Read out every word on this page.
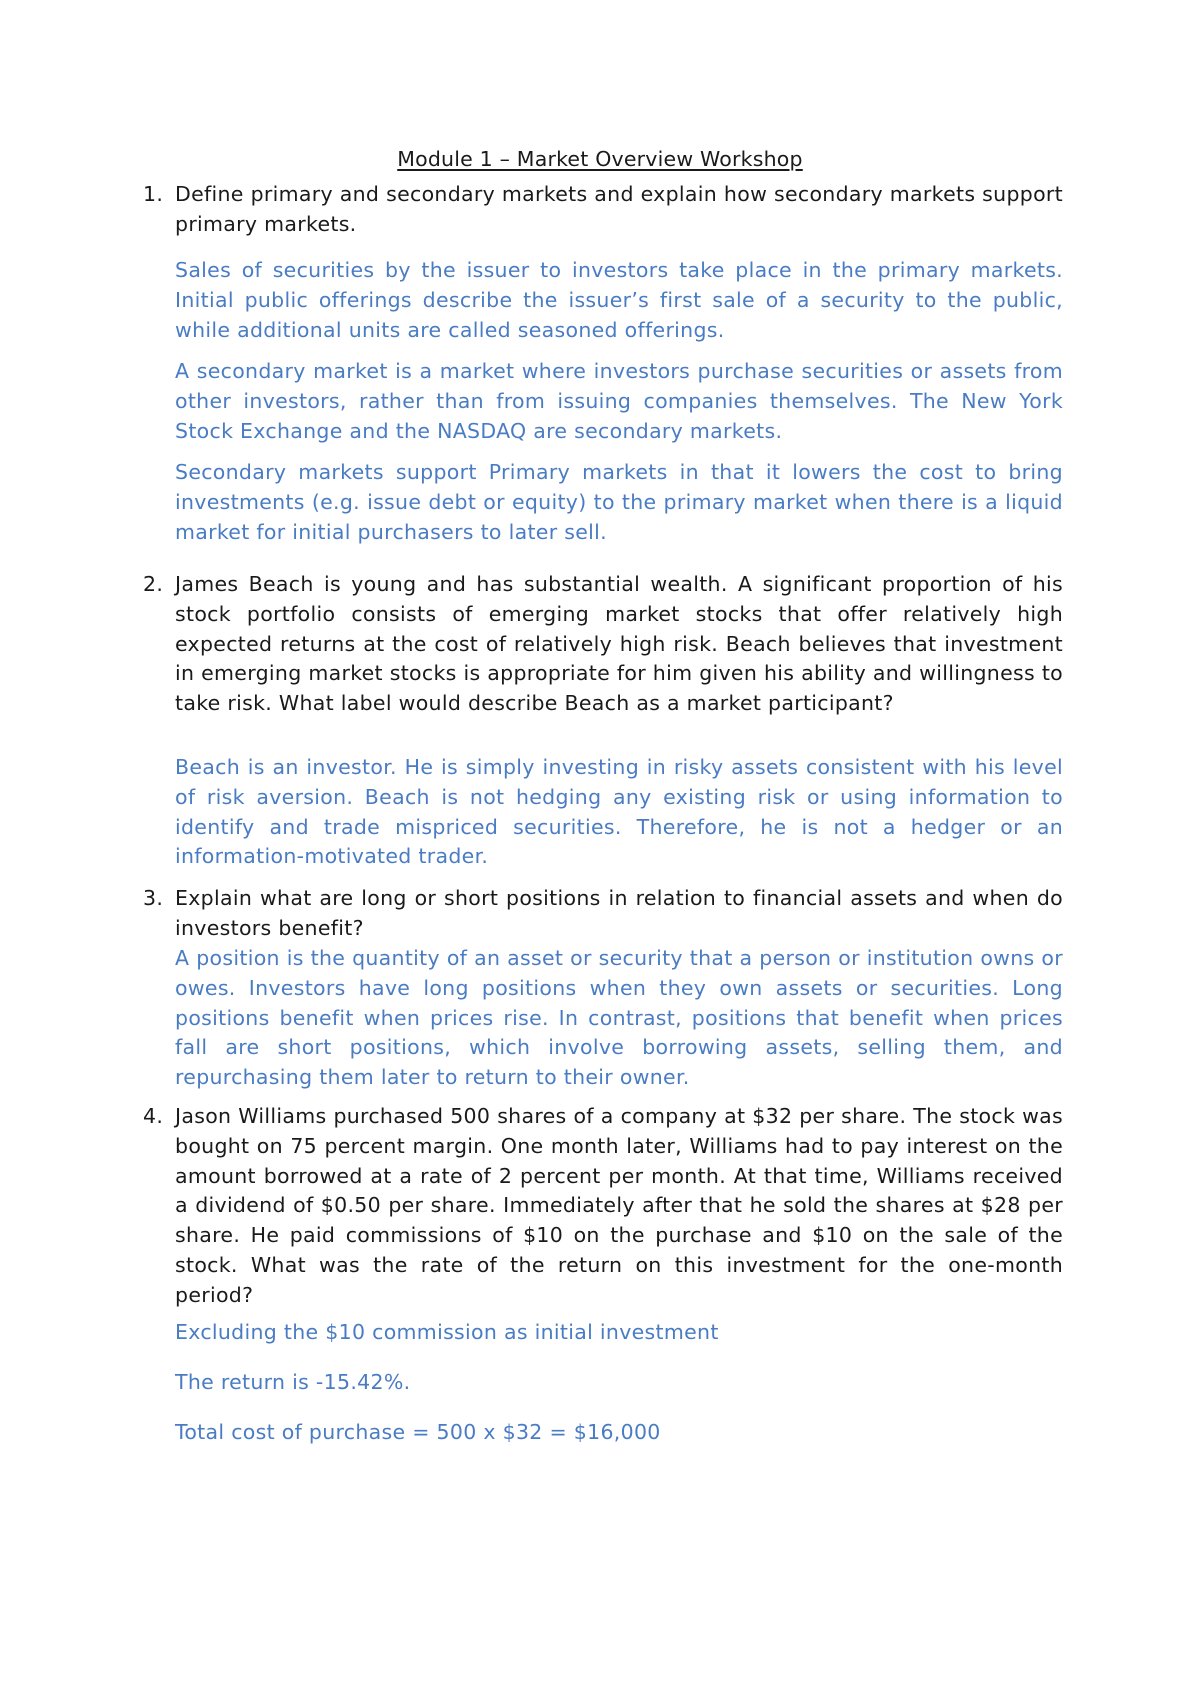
Module 1 – Market Overview Workshop
1. Define primary and secondary markets and explain how secondary markets support primary markets.
Sales of securities by the issuer to investors take place in the primary markets. Initial public offerings describe the issuer’s first sale of a security to the public, while additional units are called seasoned offerings.
A secondary market is a market where investors purchase securities or assets from other investors, rather than from issuing companies themselves. The New York Stock Exchange and the NASDAQ are secondary markets.
Secondary markets support Primary markets in that it lowers the cost to bring investments (e.g. issue debt or equity) to the primary market when there is a liquid market for initial purchasers to later sell.
2. James Beach is young and has substantial wealth. A significant proportion of his stock portfolio consists of emerging market stocks that offer relatively high expected returns at the cost of relatively high risk. Beach believes that investment in emerging market stocks is appropriate for him given his ability and willingness to take risk. What label would describe Beach as a market participant?
Beach is an investor. He is simply investing in risky assets consistent with his level of risk aversion. Beach is not hedging any existing risk or using information to identify and trade mispriced securities. Therefore, he is not a hedger or an information-motivated trader.
3. Explain what are long or short positions in relation to financial assets and when do investors benefit?
A position is the quantity of an asset or security that a person or institution owns or owes. Investors have long positions when they own assets or securities. Long positions benefit when prices rise. In contrast, positions that benefit when prices fall are short positions, which involve borrowing assets, selling them, and repurchasing them later to return to their owner.
4. Jason Williams purchased 500 shares of a company at $32 per share. The stock was bought on 75 percent margin. One month later, Williams had to pay interest on the amount borrowed at a rate of 2 percent per month. At that time, Williams received a dividend of $0.50 per share. Immediately after that he sold the shares at $28 per share. He paid commissions of $10 on the purchase and $10 on the sale of the stock. What was the rate of the return on this investment for the one-month period?
Excluding the $10 commission as initial investment
The return is -15.42%.
Total cost of purchase = 500 x $32 = $16,000
